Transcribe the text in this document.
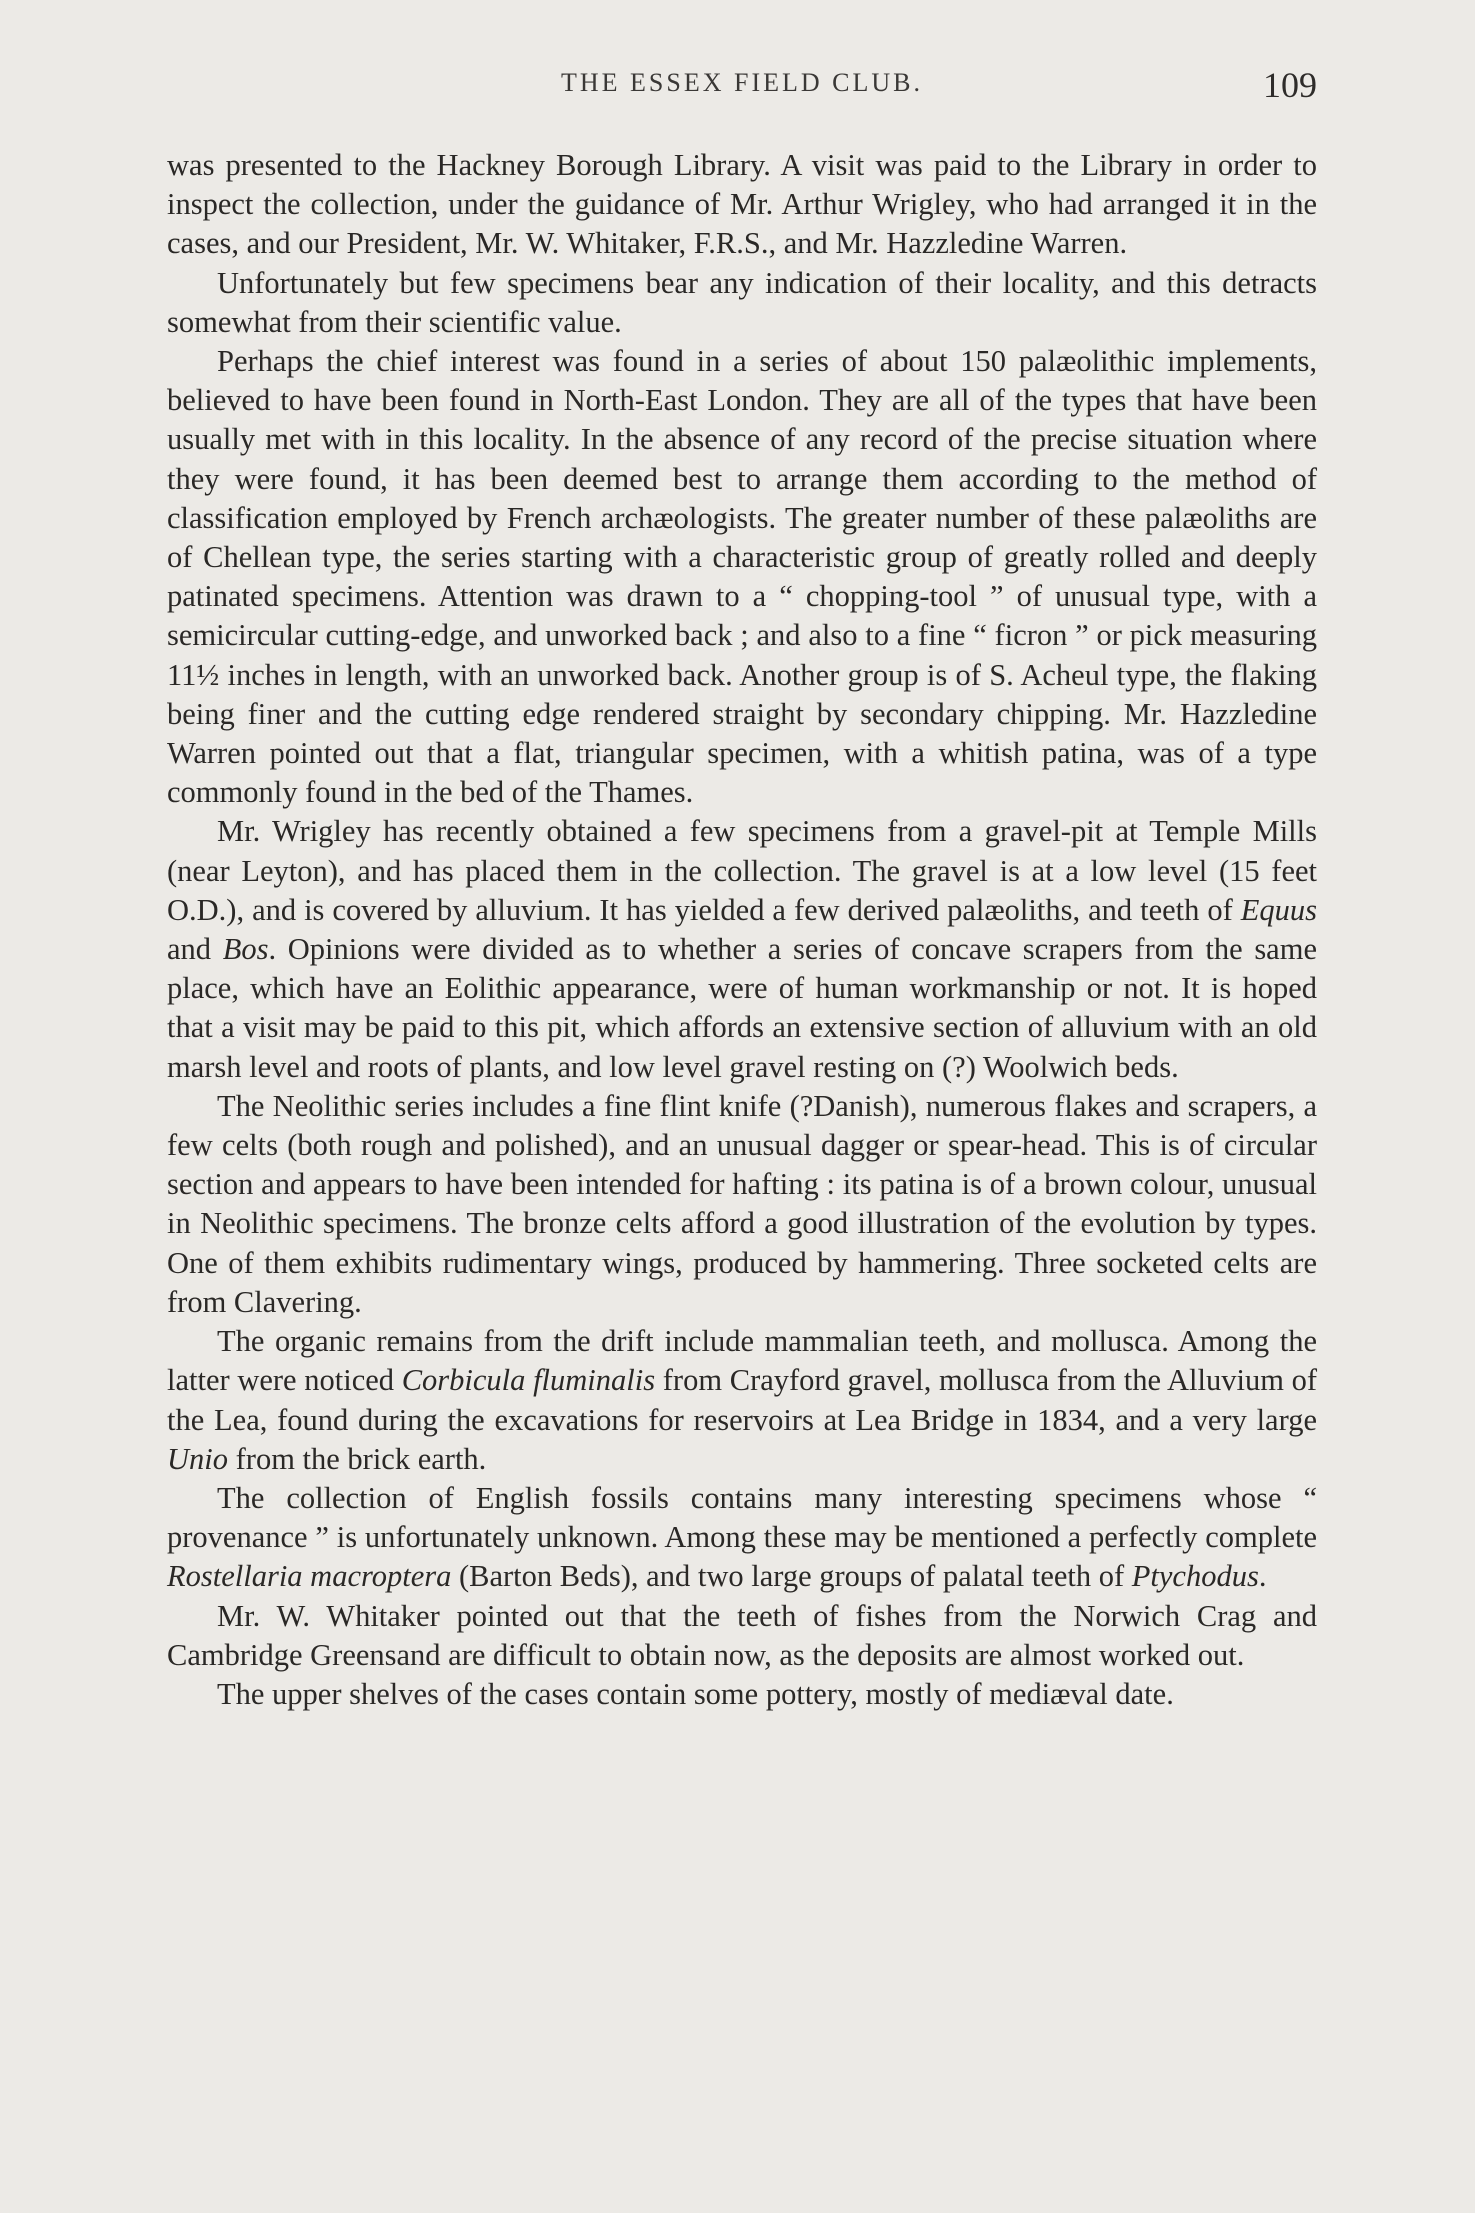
THE ESSEX FIELD CLUB.	109

was presented to the Hackney Borough Library. A visit was paid to the Library in order to inspect the collection, under the guidance of Mr. Arthur Wrigley, who had arranged it in the cases, and our President, Mr. W. Whitaker, F.R.S., and Mr. Hazzledine Warren.

Unfortunately but few specimens bear any indication of their locality, and this detracts somewhat from their scientific value.

Perhaps the chief interest was found in a series of about 150 palæolithic implements, believed to have been found in North-East London. They are all of the types that have been usually met with in this locality. In the absence of any record of the precise situation where they were found, it has been deemed best to arrange them according to the method of classification employed by French archæologists. The greater number of these palæoliths are of Chellean type, the series starting with a characteristic group of greatly rolled and deeply patinated specimens. Attention was drawn to a “ chopping-tool ” of unusual type, with a semicircular cutting-edge, and unworked back ; and also to a fine “ ficron ” or pick measuring 11½ inches in length, with an unworked back. Another group is of S. Acheul type, the flaking being finer and the cutting edge rendered straight by secondary chipping. Mr. Hazzledine Warren pointed out that a flat, triangular specimen, with a whitish patina, was of a type commonly found in the bed of the Thames.

Mr. Wrigley has recently obtained a few specimens from a gravel-pit at Temple Mills (near Leyton), and has placed them in the collection. The gravel is at a low level (15 feet O.D.), and is covered by alluvium. It has yielded a few derived palæoliths, and teeth of Equus and Bos. Opinions were divided as to whether a series of concave scrapers from the same place, which have an Eolithic appearance, were of human workmanship or not. It is hoped that a visit may be paid to this pit, which affords an extensive section of alluvium with an old marsh level and roots of plants, and low level gravel resting on (?) Woolwich beds.

The Neolithic series includes a fine flint knife (?Danish), numerous flakes and scrapers, a few celts (both rough and polished), and an unusual dagger or spear-head. This is of circular section and appears to have been intended for hafting : its patina is of a brown colour, unusual in Neolithic specimens. The bronze celts afford a good illustration of the evolution by types. One of them exhibits rudimentary wings, produced by hammering. Three socketed celts are from Clavering.

The organic remains from the drift include mammalian teeth, and mollusca. Among the latter were noticed Corbicula fluminalis from Crayford gravel, mollusca from the Alluvium of the Lea, found during the excavations for reservoirs at Lea Bridge in 1834, and a very large Unio from the brick earth.

The collection of English fossils contains many interesting specimens whose “ provenance ” is unfortunately unknown. Among these may be mentioned a perfectly complete Rostellaria macroptera (Barton Beds), and two large groups of palatal teeth of Ptychodus.

Mr. W. Whitaker pointed out that the teeth of fishes from the Norwich Crag and Cambridge Greensand are difficult to obtain now, as the deposits are almost worked out.

The upper shelves of the cases contain some pottery, mostly of mediæval date.
